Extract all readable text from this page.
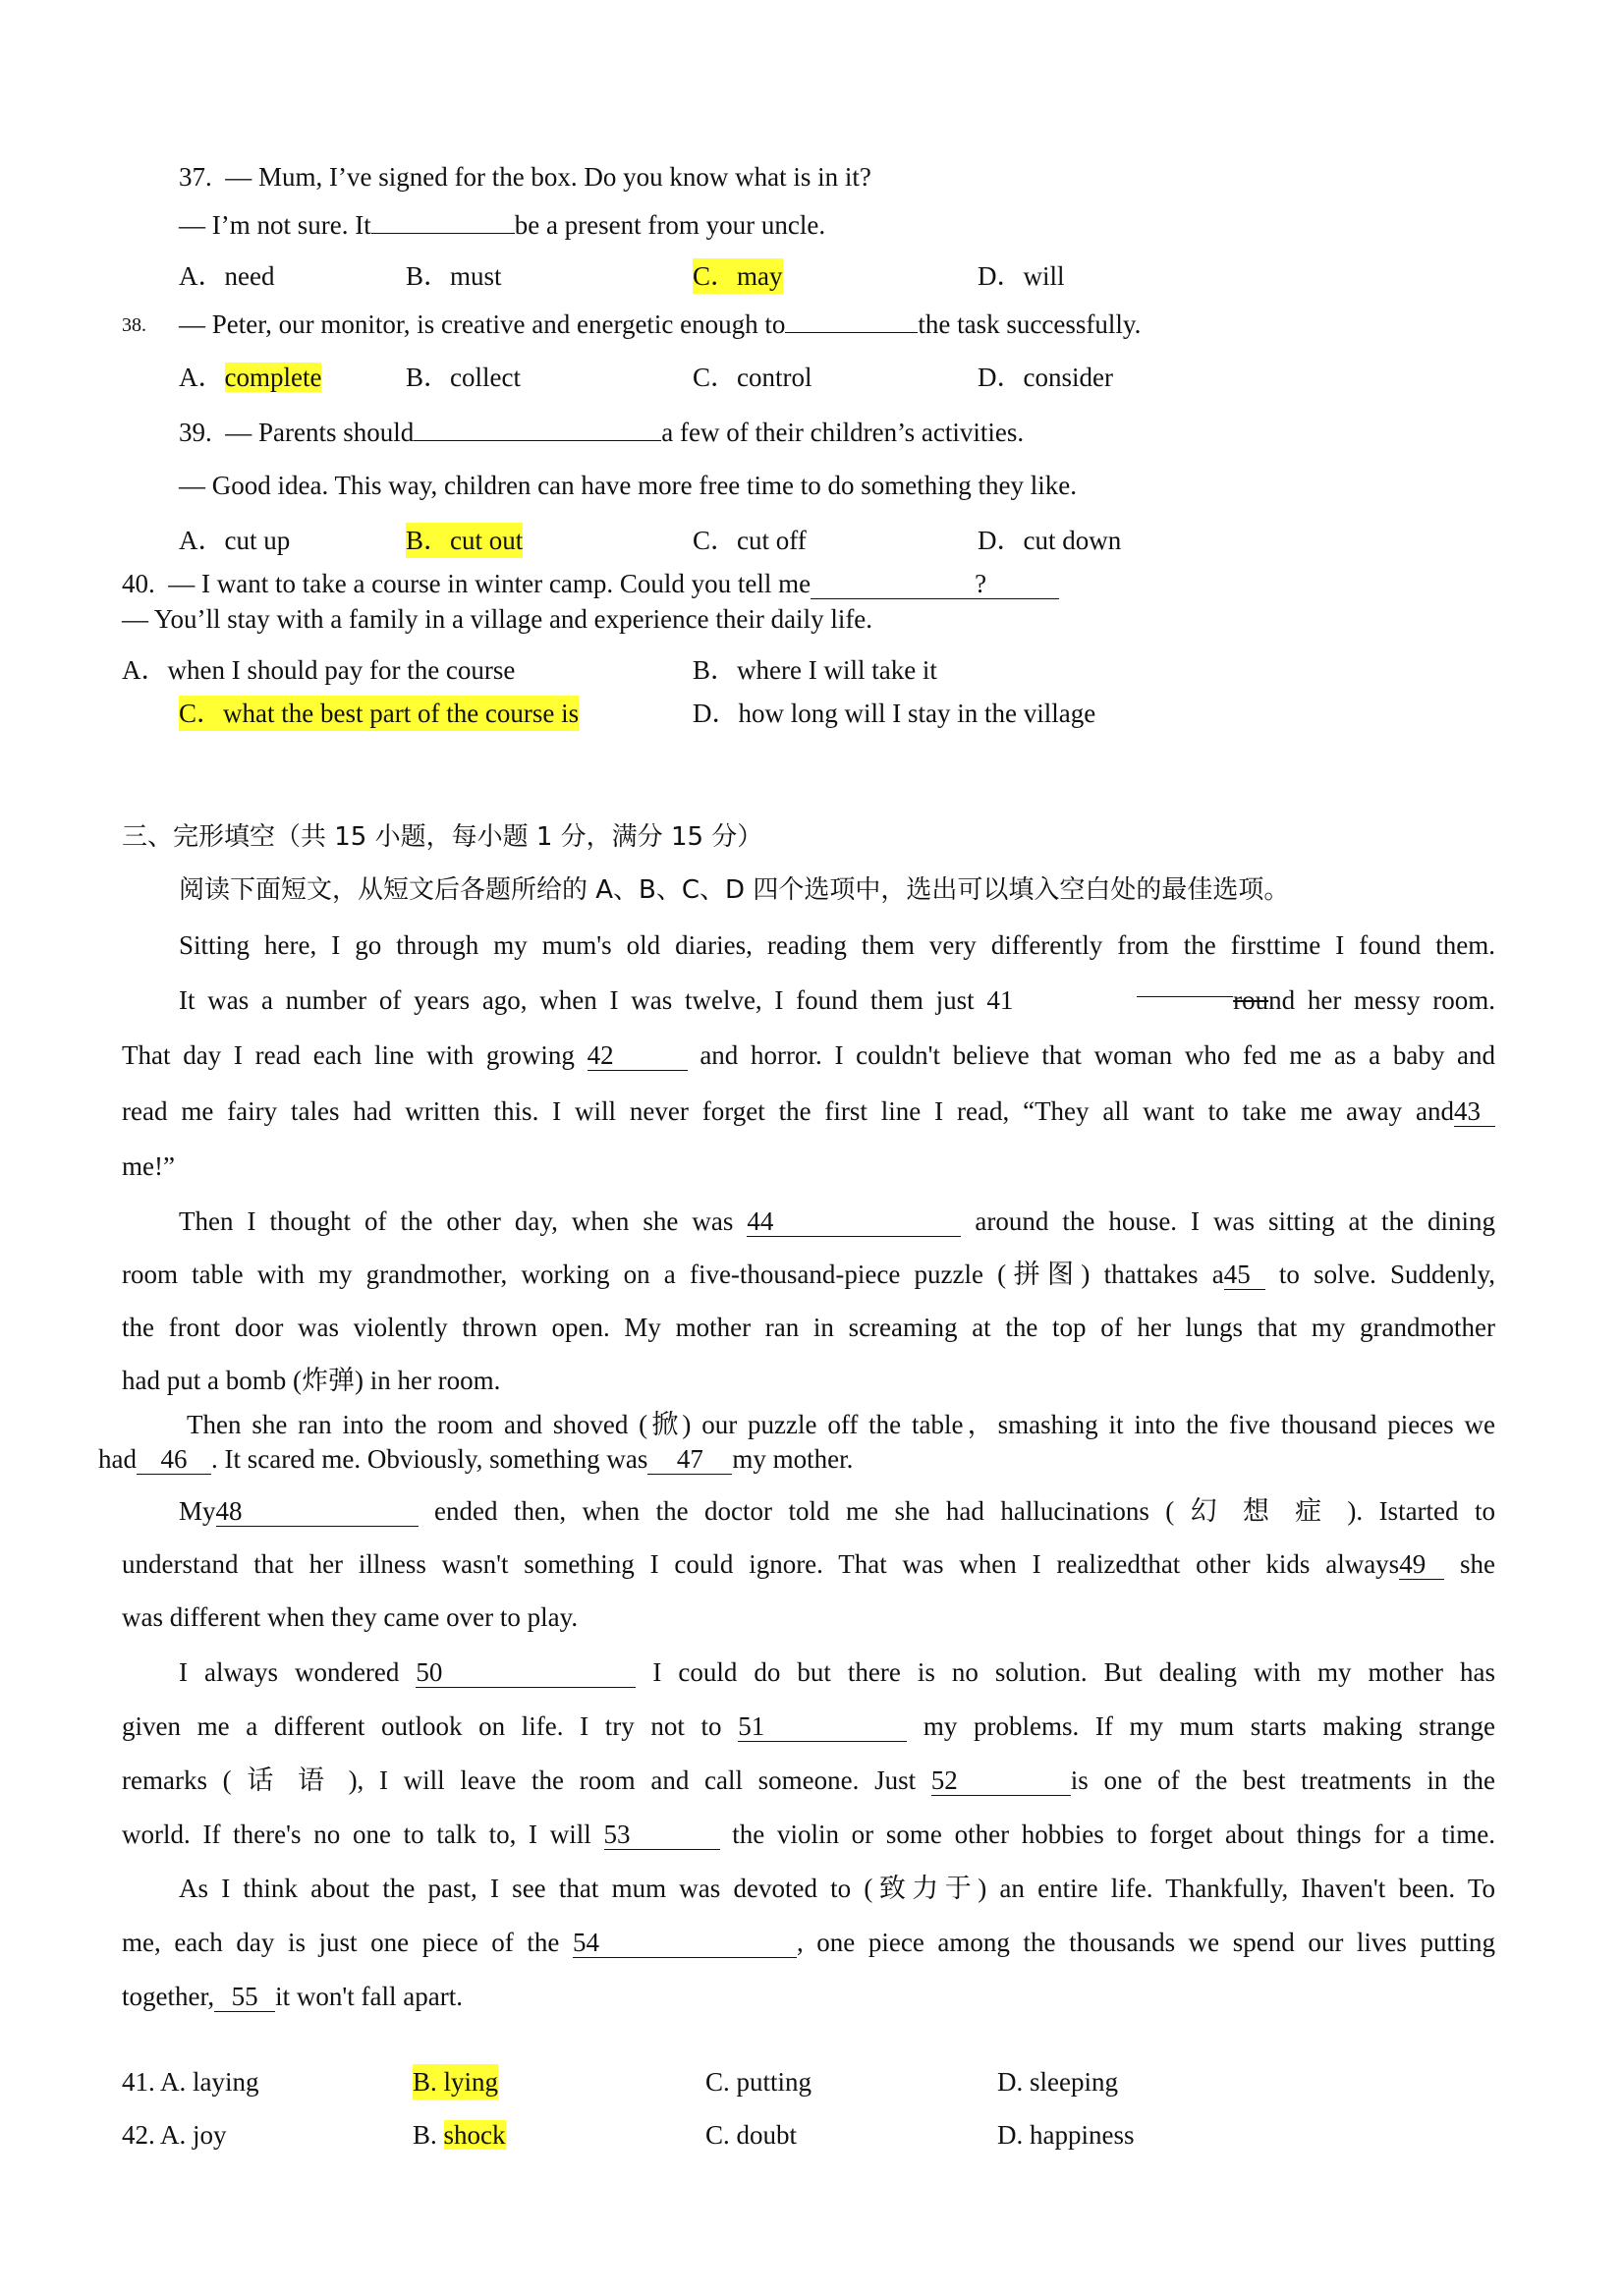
37. — Mum, I’ve signed for the box. Do you know what is in it?
— I’m not sure. It	be a present from your uncle.
A．need	B．must	C．may	D．will
38. — Peter, our monitor, is creative and energetic enough to	the task successfully.
A．complete	B．collect	C．control	D．consider
39. — Parents should	a few of their children’s activities.
— Good idea. This way, children can have more free time to do something they like.
A．cut up	B．cut out	C．cut off	D．cut down
40. — I want to take a course in winter camp. Could you tell me	?
— You’ll stay with a family in a village and experience their daily life.
A．when I should pay for the course	B．where I will take it
C．what the best part of the course is	D．how long will I stay in the village
三、完形填空（共 15 小题，每小题 1 分，满分 15 分）
阅读下面短文，从短文后各题所给的 A、B、C、D 四个选项中，选出可以填入空白处的最佳选项。
Sitting here, I go through my mum's old diaries, reading them very differently from the firsttime I found them.
It was a number of years ago, when I was twelve, I found them just 41	round her messy room.
That day I read each line with growing 42	and horror. I couldn't believe that woman who fed me as a baby and
read me fairy tales had written this. I will never forget the first line I read, “They all want to take me away and43
me!”
Then I thought of the other day, when she was 44	around the house. I was sitting at the dining
room table with my grandmother, working on a five-thousand-piece puzzle (拼图) thattakes a45 to solve. Suddenly,
the front door was violently thrown open. My mother ran in screaming at the top of her lungs that my grandmother
had put a bomb (炸弹) in her room.
Then she ran into the room and shoved (掀) our puzzle off the table，smashing it into the five thousand pieces we
had 46 . It scared me. Obviously, something was 47 my mother.
My48	ended then, when the doctor told me she had hallucinations ( 幻 想 症 ). Istarted to
understand that her illness wasn't something I could ignore. That was when I realizedthat other kids always49 she
was different when they came over to play.
I always wondered 50	I could do but there is no solution. But dealing with my mother has
given me a different outlook on life. I try not to 51	my problems. If my mum starts making strange
remarks ( 话 语 ), I will leave the room and call someone. Just 52	is one of the best treatments in the
world. If there's no one to talk to, I will 53	the violin or some other hobbies to forget about things for a time.
As I think about the past, I see that mum was devoted to (致力于) an entire life. Thankfully, Ihaven't been. To
me, each day is just one piece of the 54	, one piece among the thousands we spend our lives putting
together, 55 it won't fall apart.
41. A. laying	B. lying	C. putting	D. sleeping
42. A. joy	B. shock	C. doubt	D. happiness
